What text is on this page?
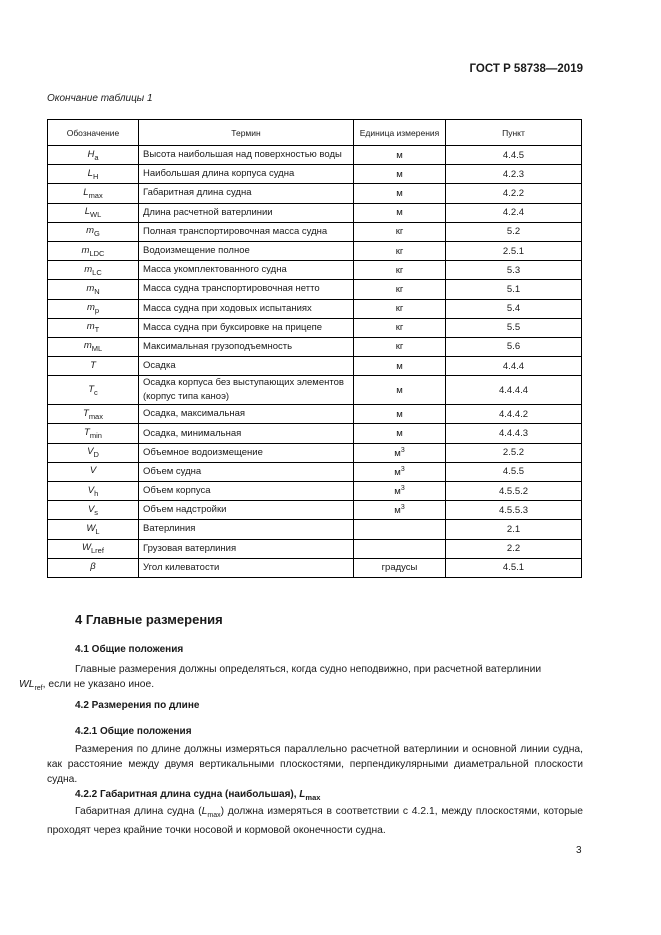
ГОСТ Р 58738—2019
Окончание таблицы 1
Обозначение	Термин	Единица измерения	Пункт
$H_a$	Высота наибольшая над поверхностью воды	м	4.4.5
$L_H$	Наибольшая длина корпуса судна	м	4.2.3
$L_{max}$	Габаритная длина судна	м	4.2.2
$L_{WL}$	Длина расчетной ватерлинии	м	4.2.4
$m_G$	Полная транспортировочная масса судна	кг	5.2
$m_{LDC}$	Водоизмещение полное	кг	2.5.1
$m_{LC}$	Масса укомплектованного судна	кг	5.3
$m_N$	Масса судна транспортировочная нетто	кг	5.1
$m_p$	Масса судна при ходовых испытаниях	кг	5.4
$m_T$	Масса судна при буксировке на прицепе	кг	5.5
$m_{ML}$	Максимальная грузоподъемность	кг	5.6
T	Осадка	м	4.4.4
$T_c$	Осадка корпуса без выступающих элементов (корпус типа каноэ)	м	4.4.4.4
$T_{max}$	Осадка, максимальная	м	4.4.4.2
$T_{min}$	Осадка, минимальная	м	4.4.4.3
$V_D$	Объемное водоизмещение	$м^3$	2.5.2
V	Объем судна	$м^3$	4.5.5
$V_h$	Объем корпуса	$м^3$	4.5.5.2
$V_s$	Объем надстройки	$м^3$	4.5.5.3
$W_L$	Ватерлиния		2.1
$W_{Lref}$	Грузовая ватерлиния		2.2
β	Угол килеватости	градусы	4.5.1
4 Главные размерения
4.1 Общие положения
Главные размерения должны определяться, когда судно неподвижно, при расчетной ватерлинии
$WL_{ref}$, если не указано иное.
4.2 Размерения по длине
4.2.1 Общие положения
Размерения по длине должны измеряться параллельно расчетной ватерлинии и основной линии судна, как расстояние между двумя вертикальными плоскостями, перпендикулярными диаметральной плоскости судна.
4.2.2 Габаритная длина судна (наибольшая), $L_{max}$
Габаритная длина судна $(L_{max})$ должна измеряться в соответствии с 4.2.1, между плоскостями, которые проходят через крайние точки носовой и кормовой оконечности судна.
3
